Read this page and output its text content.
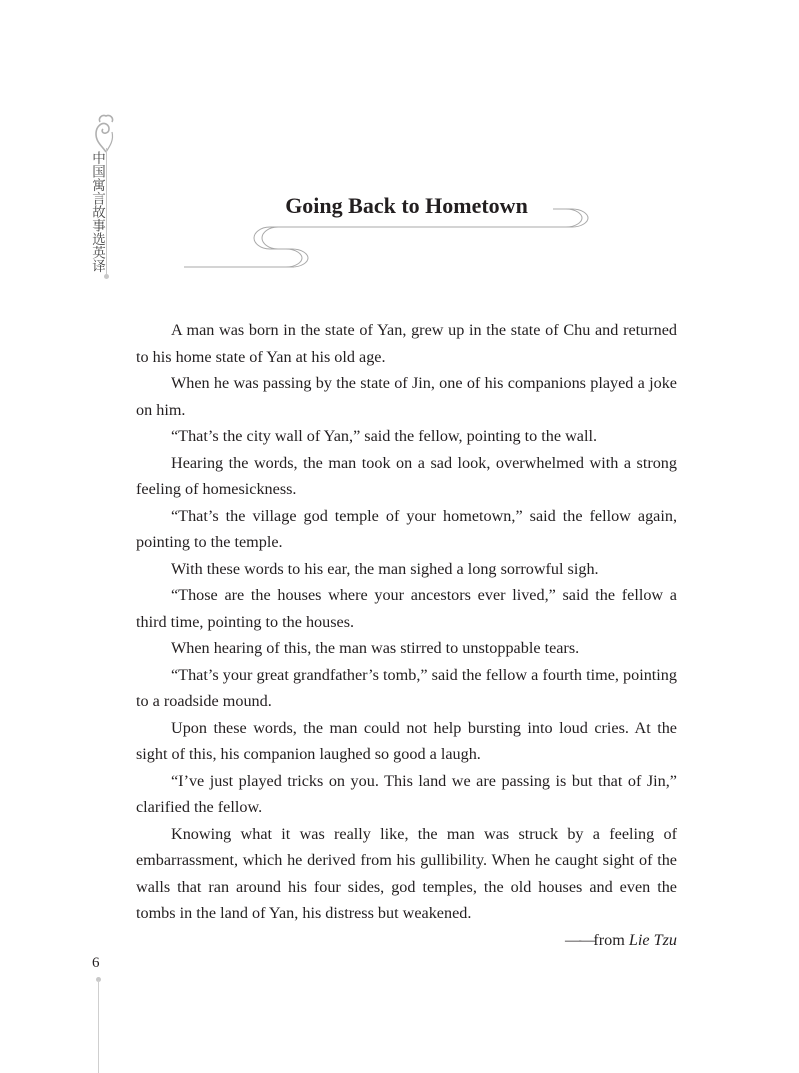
中国寓言故事选英译	Going Back to Hometown

A man was born in the state of Yan, grew up in the state of Chu and returned to his home state of Yan at his old age.

When he was passing by the state of Jin, one of his companions played a joke on him.

“That’s the city wall of Yan,” said the fellow, pointing to the wall.

Hearing the words, the man took on a sad look, overwhelmed with a strong feeling of homesickness.

“That’s the village god temple of your hometown,” said the fellow again, pointing to the temple.

With these words to his ear, the man sighed a long sorrowful sigh.

“Those are the houses where your ancestors ever lived,” said the fellow a third time, pointing to the houses.

When hearing of this, the man was stirred to unstoppable tears.

“That’s your great grandfather’s tomb,” said the fellow a fourth time, pointing to a roadside mound.

Upon these words, the man could not help bursting into loud cries. At the sight of this, his companion laughed so good a laugh.

“I’ve just played tricks on you. This land we are passing is but that of Jin,” clarified the fellow.

Knowing what it was really like, the man was struck by a feeling of embarrassment, which he derived from his gullibility. When he caught sight of the walls that ran around his four sides, god temples, the old houses and even the tombs in the land of Yan, his distress but weakened.

——from Lie Tzu

6
